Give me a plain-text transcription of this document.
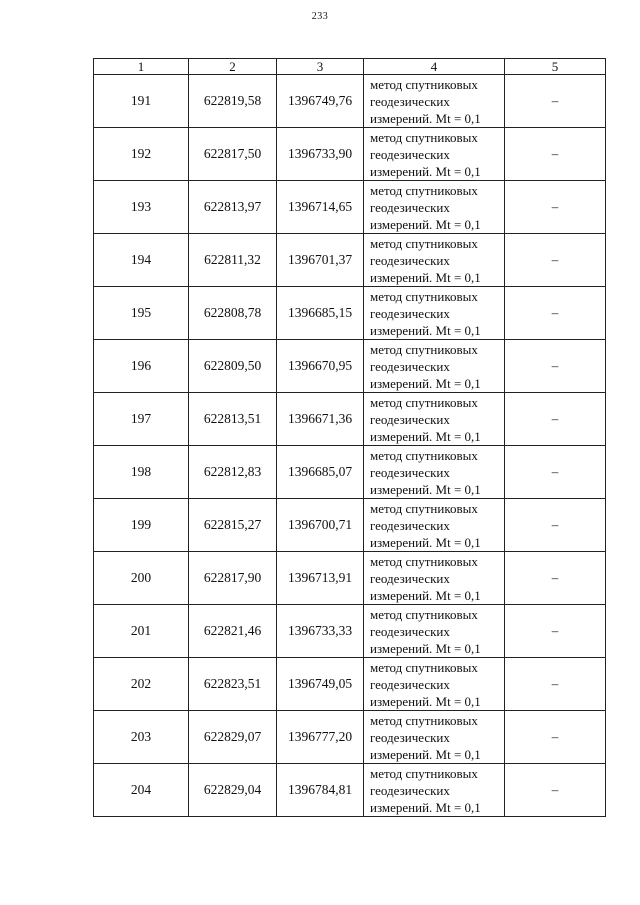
233
1	2	3	4	5
191	622819,58	1396749,76	метод спутниковых
геодезических
измерений. Mt = 0,1	–
192	622817,50	1396733,90	метод спутниковых
геодезических
измерений. Mt = 0,1	–
193	622813,97	1396714,65	метод спутниковых
геодезических
измерений. Mt = 0,1	–
194	622811,32	1396701,37	метод спутниковых
геодезических
измерений. Mt = 0,1	–
195	622808,78	1396685,15	метод спутниковых
геодезических
измерений. Mt = 0,1	–
196	622809,50	1396670,95	метод спутниковых
геодезических
измерений. Mt = 0,1	–
197	622813,51	1396671,36	метод спутниковых
геодезических
измерений. Mt = 0,1	–
198	622812,83	1396685,07	метод спутниковых
геодезических
измерений. Mt = 0,1	–
199	622815,27	1396700,71	метод спутниковых
геодезических
измерений. Mt = 0,1	–
200	622817,90	1396713,91	метод спутниковых
геодезических
измерений. Mt = 0,1	–
201	622821,46	1396733,33	метод спутниковых
геодезических
измерений. Mt = 0,1	–
202	622823,51	1396749,05	метод спутниковых
геодезических
измерений. Mt = 0,1	–
203	622829,07	1396777,20	метод спутниковых
геодезических
измерений. Mt = 0,1	–
204	622829,04	1396784,81	метод спутниковых
геодезических
измерений. Mt = 0,1	–
